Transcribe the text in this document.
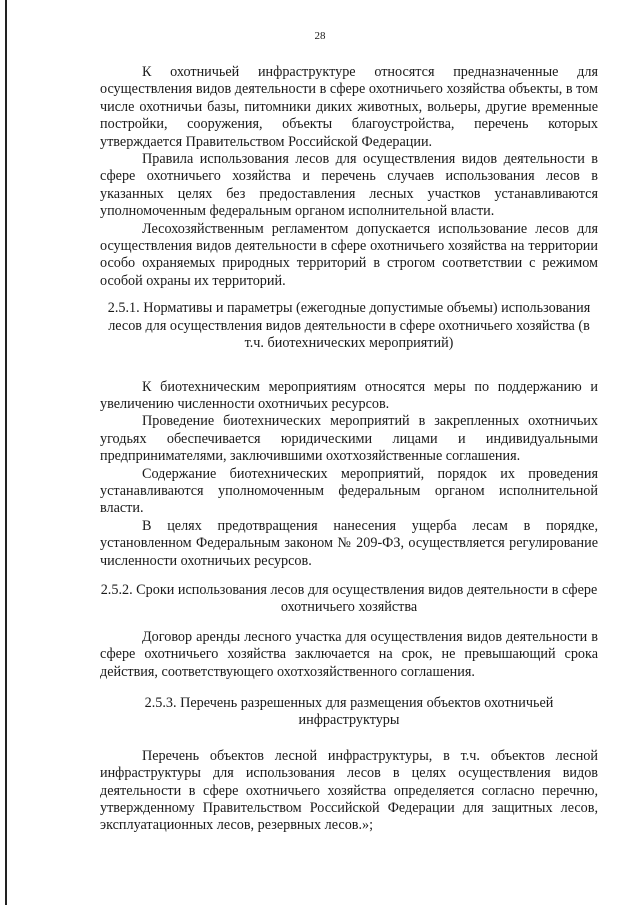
28

К охотничьей инфраструктуре относятся предназначенные для осуществления видов деятельности в сфере охотничьего хозяйства объекты, в том числе охотничьи базы, питомники диких животных, вольеры, другие временные постройки, сооружения, объекты благоустройства, перечень которых утверждается Правительством Российской Федерации.

Правила использования лесов для осуществления видов деятельности в сфере охотничьего хозяйства и перечень случаев использования лесов в указанных целях без предоставления лесных участков устанавливаются уполномоченным федеральным органом исполнительной власти.

Лесохозяйственным регламентом допускается использование лесов для осуществления видов деятельности в сфере охотничьего хозяйства на территории особо охраняемых природных территорий в строгом соответствии с режимом особой охраны их территорий.

2.5.1. Нормативы и параметры (ежегодные допустимые объемы) использования лесов для осуществления видов деятельности в сфере охотничьего хозяйства (в т.ч. биотехнических мероприятий)

К биотехническим мероприятиям относятся меры по поддержанию и увеличению численности охотничьих ресурсов.

Проведение биотехнических мероприятий в закрепленных охотничьих угодьях обеспечивается юридическими лицами и индивидуальными предпринимателями, заключившими охотхозяйственные соглашения.

Содержание биотехнических мероприятий, порядок их проведения устанавливаются уполномоченным федеральным органом исполнительной власти.

В целях предотвращения нанесения ущерба лесам в порядке, установленном Федеральным законом № 209-ФЗ, осуществляется регулирование численности охотничьих ресурсов.

2.5.2. Сроки использования лесов для осуществления видов деятельности в сфере охотничьего хозяйства

Договор аренды лесного участка для осуществления видов деятельности в сфере охотничьего хозяйства заключается на срок, не превышающий срока действия, соответствующего охотхозяйственного соглашения.

2.5.3. Перечень разрешенных для размещения объектов охотничьей инфраструктуры

Перечень объектов лесной инфраструктуры, в т.ч. объектов лесной инфраструктуры для использования лесов в целях осуществления видов деятельности в сфере охотничьего хозяйства определяется согласно перечню, утвержденному Правительством Российской Федерации для защитных лесов, эксплуатационных лесов, резервных лесов.»;
